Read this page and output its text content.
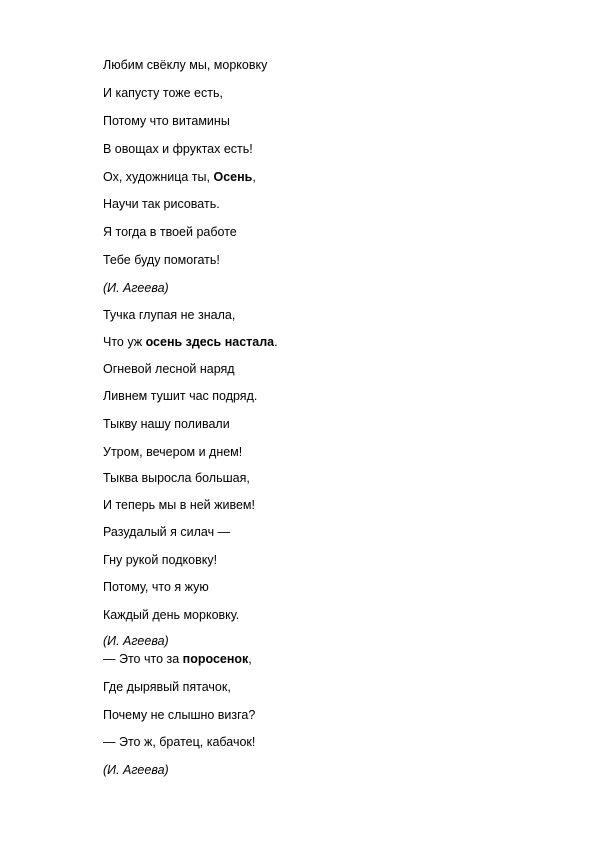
Любим свёклу мы, морковку
И капусту тоже есть,
Потому что витамины
В овощах и фруктах есть!
Ох, художница ты, Осень,
Научи так рисовать.
Я тогда в твоей работе
Тебе буду помогать!
(И. Агеева)
Тучка глупая не знала,
Что уж осень здесь настала.
Огневой лесной наряд
Ливнем тушит час подряд.
Тыкву нашу поливали
Утром, вечером и днем!
Тыква выросла большая,
И теперь мы в ней живем!
Разудалый я силач —
Гну рукой подковку!
Потому, что я жую
Каждый день морковку.
(И. Агеева)
— Это что за поросенок,
Где дырявый пятачок,
Почему не слышно визга?
— Это ж, братец, кабачок!
(И. Агеева)
